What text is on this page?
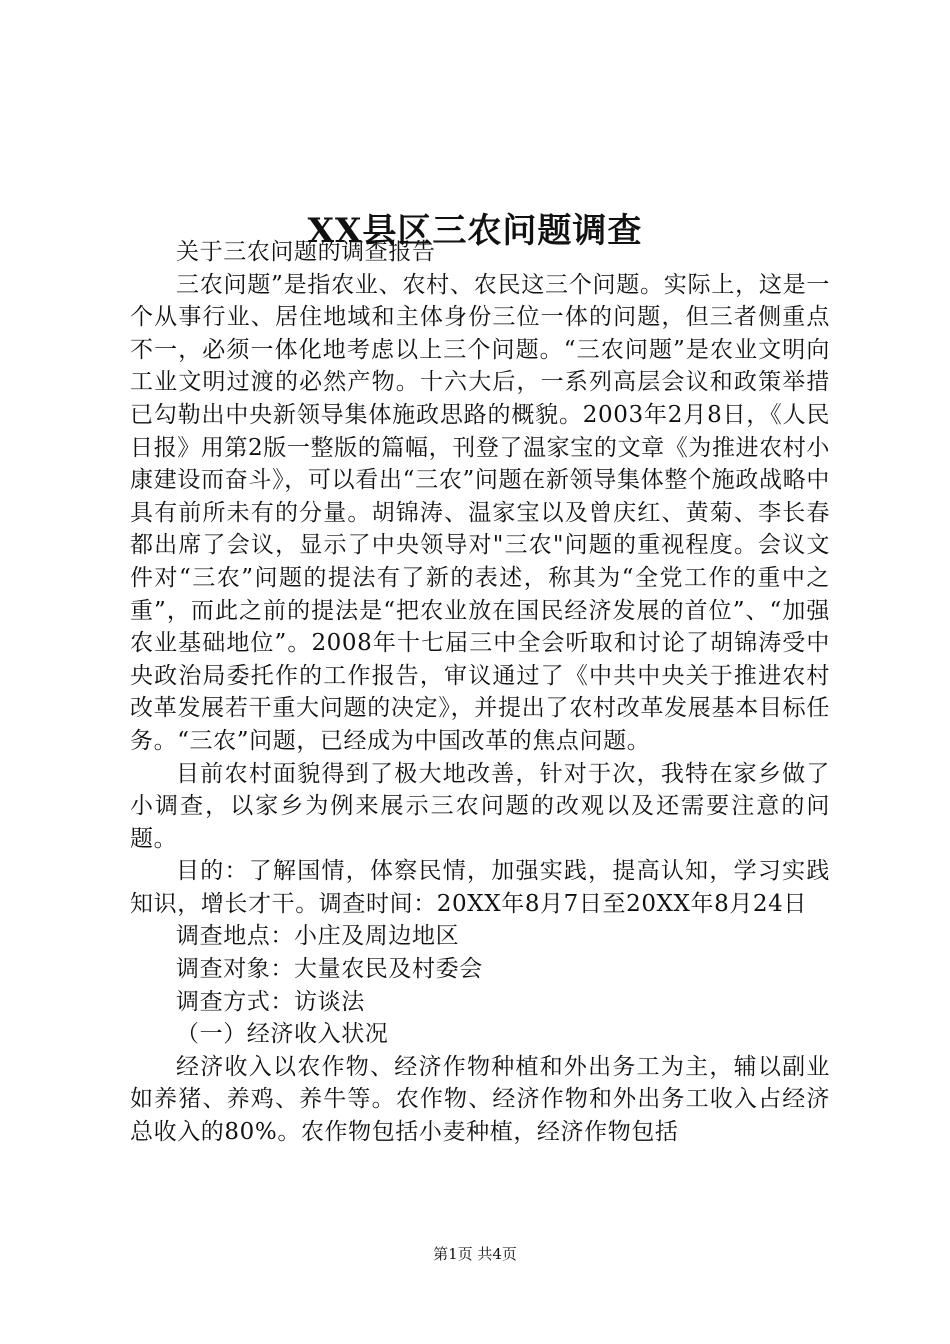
XX县区三农问题调查

关于三农问题的调查报告

三农问题”是指农业、农村、农民这三个问题。实际上，这是一个从事行业、居住地域和主体身份三位一体的问题，但三者侧重点不一，必须一体化地考虑以上三个问题。“三农问题”是农业文明向工业文明过渡的必然产物。十六大后，一系列高层会议和政策举措已勾勒出中央新领导集体施政思路的概貌。2003年2月8日，《人民日报》用第2版一整版的篇幅，刊登了温家宝的文章《为推进农村小康建设而奋斗》，可以看出“三农”问题在新领导集体整个施政战略中具有前所未有的分量。胡锦涛、温家宝以及曾庆红、黄菊、李长春都出席了会议，显示了中央领导对"三农"问题的重视程度。会议文件对“三农”问题的提法有了新的表述，称其为“全党工作的重中之重”，而此之前的提法是“把农业放在国民经济发展的首位”、“加强农业基础地位”。2008年十七届三中全会听取和讨论了胡锦涛受中央政治局委托作的工作报告，审议通过了《中共中央关于推进农村改革发展若干重大问题的决定》，并提出了农村改革发展基本目标任务。“三农”问题，已经成为中国改革的焦点问题。

目前农村面貌得到了极大地改善，针对于次，我特在家乡做了小调查，以家乡为例来展示三农问题的改观以及还需要注意的问题。

目的：了解国情，体察民情，加强实践，提高认知，学习实践知识，增长才干。调查时间：20XX年8月7日至20XX年8月24日

调查地点：小庄及周边地区

调查对象：大量农民及村委会

调查方式：访谈法

（一）经济收入状况

经济收入以农作物、经济作物种植和外出务工为主，辅以副业如养猪、养鸡、养牛等。农作物、经济作物和外出务工收入占经济总收入的80%。农作物包括小麦种植，经济作物包括

第1页 共4页
